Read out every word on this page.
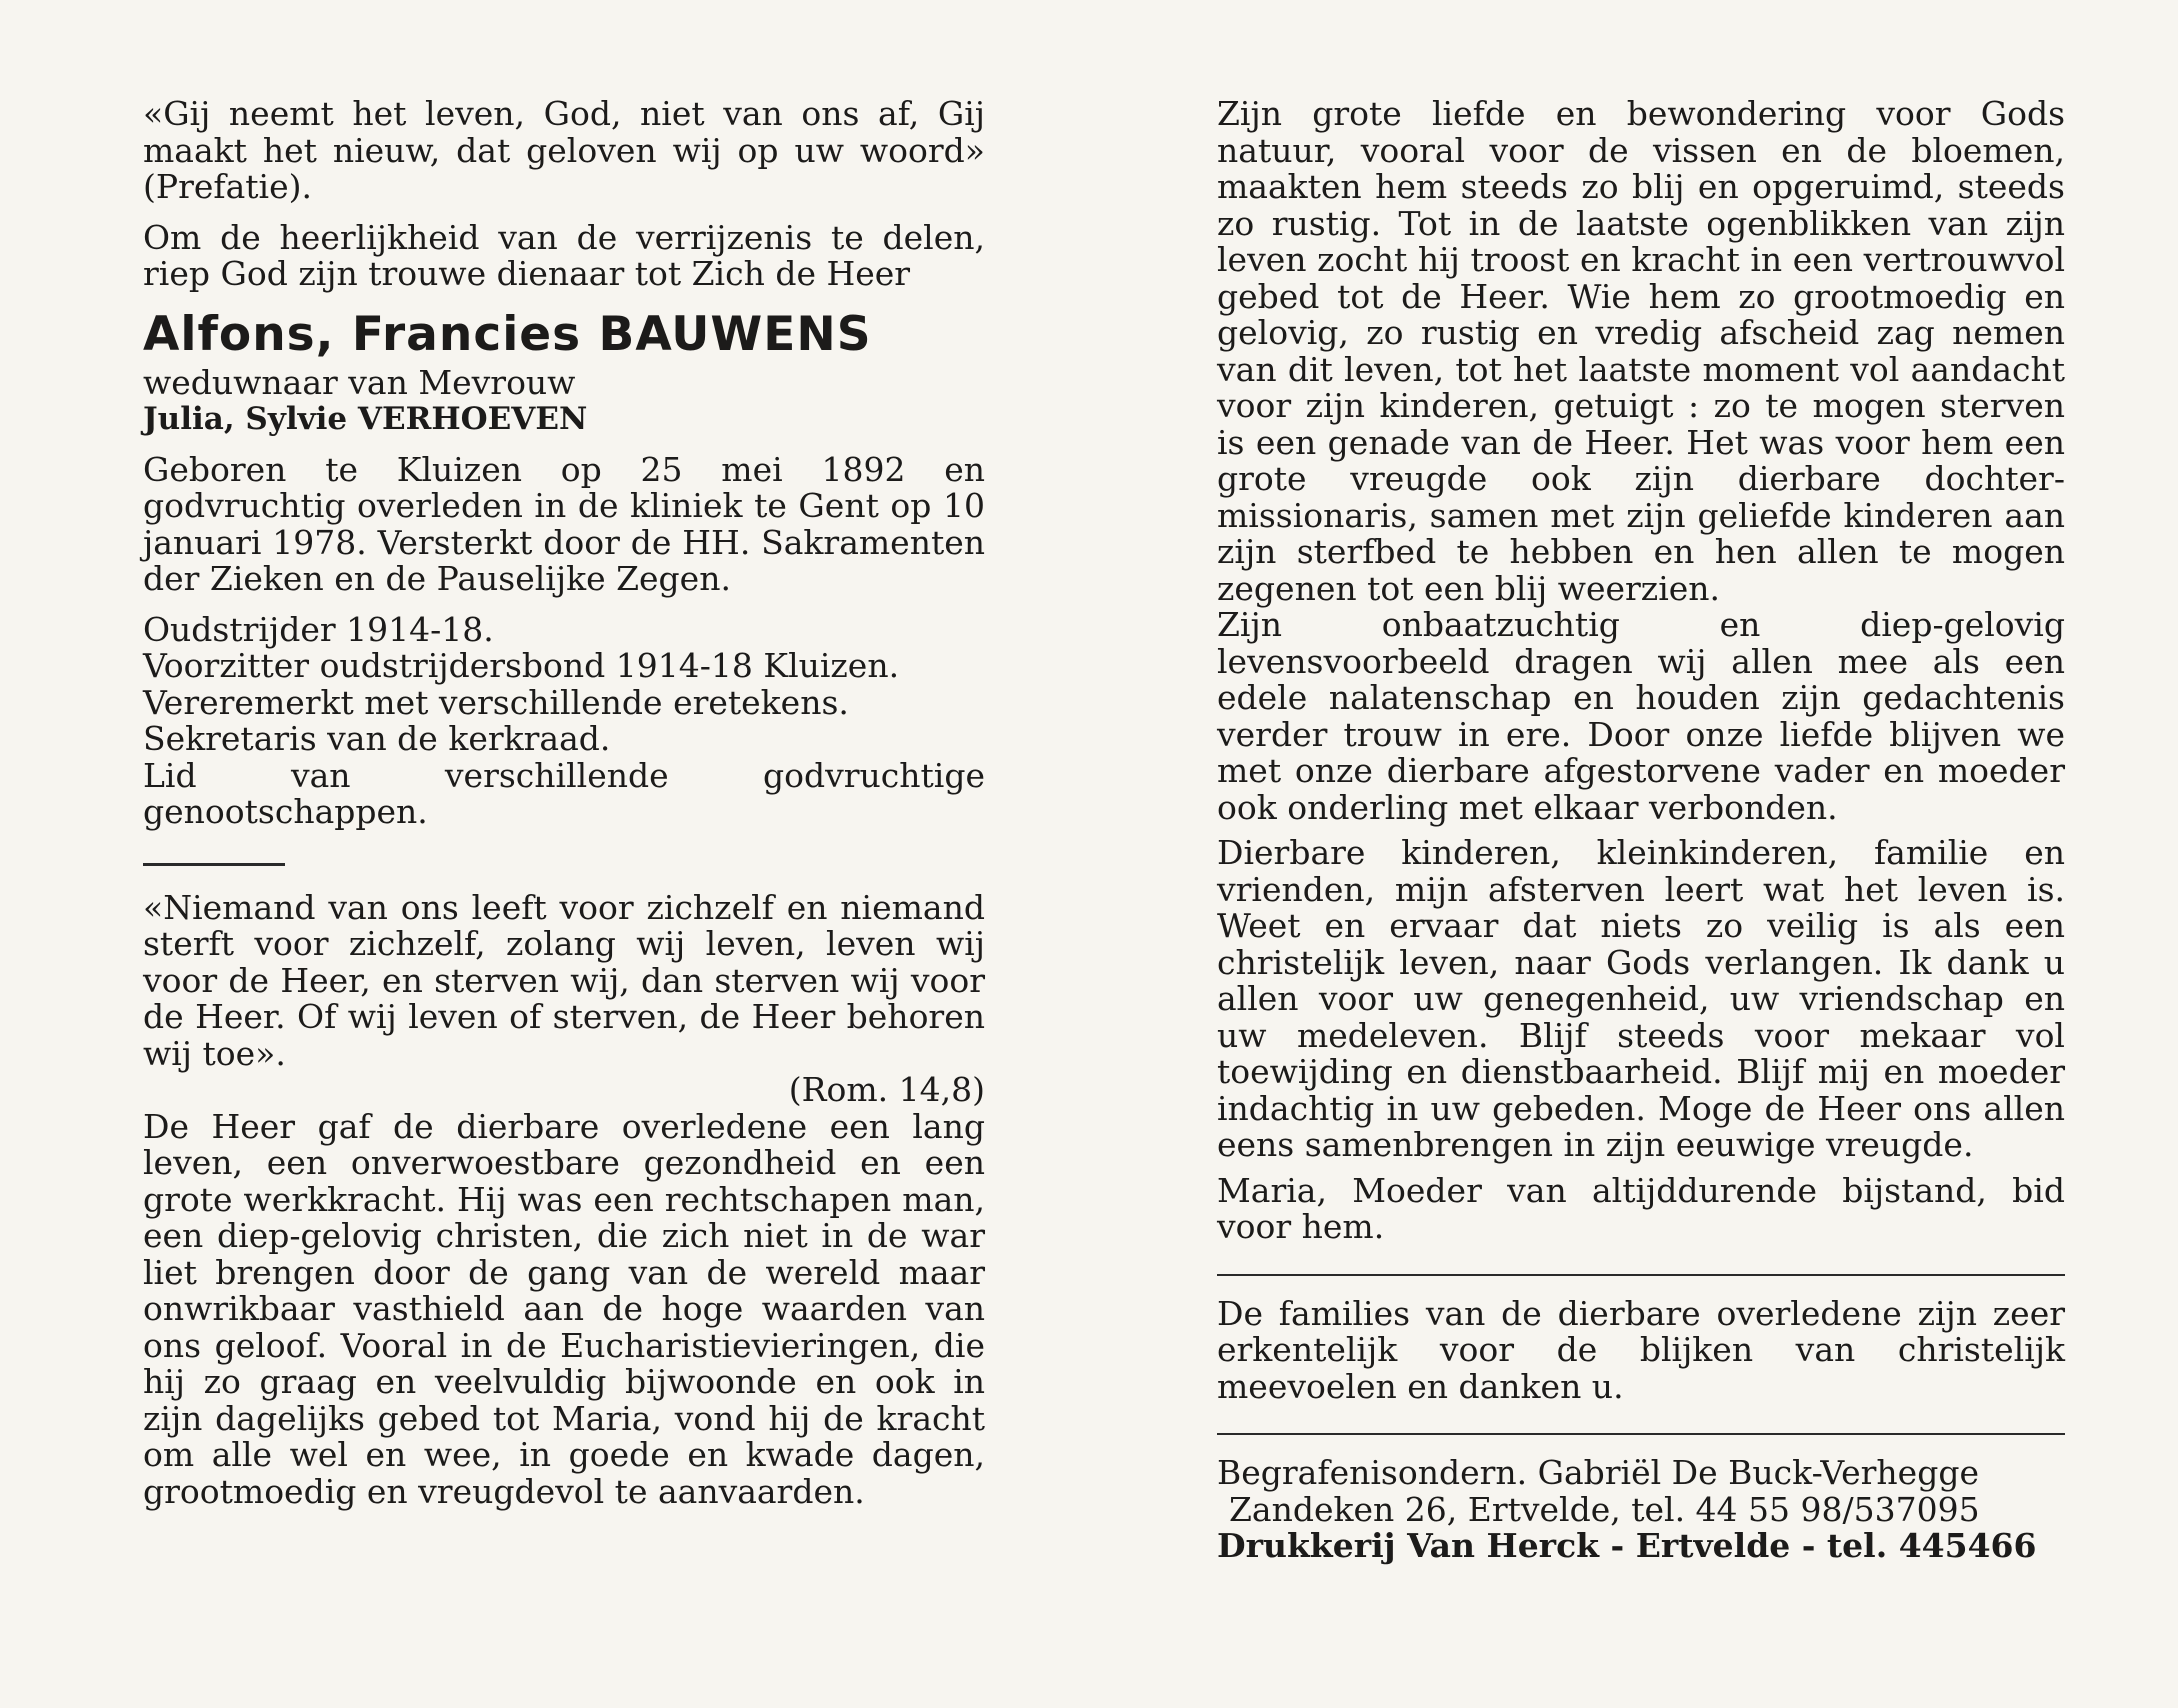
«Gij neemt het leven, God, niet van ons af, Gij maakt het nieuw, dat geloven wij op uw woord» (Prefatie).

Om de heerlijkheid van de verrijzenis te delen, riep God zijn trouwe dienaar tot Zich de Heer

Alfons, Francies BAUWENS

weduwnaar van Mevrouw

Julia, Sylvie VERHOEVEN

Geboren te Kluizen op 25 mei 1892 en godvruchtig overleden in de kliniek te Gent op 10 januari 1978. Versterkt door de HH. Sakramenten der Zieken en de Pauselijke Zegen.

Oudstrijder 1914-18.

Voorzitter oudstrijdersbond 1914-18 Kluizen.

Vereremerkt met verschillende eretekens.

Sekretaris van de kerkraad.

Lid van verschillende godvruchtige genootschappen.

«Niemand van ons leeft voor zichzelf en niemand sterft voor zichzelf, zolang wij leven, leven wij voor de Heer, en sterven wij, dan sterven wij voor de Heer. Of wij leven of sterven, de Heer behoren wij toe».

(Rom. 14,8)

De Heer gaf de dierbare overledene een lang leven, een onverwoestbare gezondheid en een grote werkkracht. Hij was een rechtschapen man, een diep-gelovig christen, die zich niet in de war liet brengen door de gang van de wereld maar onwrikbaar vasthield aan de hoge waarden van ons geloof. Vooral in de Eucharistievieringen, die hij zo graag en veelvuldig bijwoonde en ook in zijn dagelijks gebed tot Maria, vond hij de kracht om alle wel en wee, in goede en kwade dagen, grootmoedig en vreugdevol te aanvaarden.

Zijn grote liefde en bewondering voor Gods natuur, vooral voor de vissen en de bloemen, maakten hem steeds zo blij en opgeruimd, steeds zo rustig. Tot in de laatste ogenblikken van zijn leven zocht hij troost en kracht in een vertrouwvol gebed tot de Heer. Wie hem zo grootmoedig en gelovig, zo rustig en vredig afscheid zag nemen van dit leven, tot het laatste moment vol aandacht voor zijn kinderen, getuigt : zo te mogen sterven is een genade van de Heer. Het was voor hem een grote vreugde ook zijn dierbare dochter-missionaris, samen met zijn geliefde kinderen aan zijn sterfbed te hebben en hen allen te mogen zegenen tot een blij weerzien.

Zijn onbaatzuchtig en diep-gelovig levensvoorbeeld dragen wij allen mee als een edele nalatenschap en houden zijn gedachtenis verder trouw in ere. Door onze liefde blijven we met onze dierbare afgestorvene vader en moeder ook onderling met elkaar verbonden.

Dierbare kinderen, kleinkinderen, familie en vrienden, mijn afsterven leert wat het leven is. Weet en ervaar dat niets zo veilig is als een christelijk leven, naar Gods verlangen. Ik dank u allen voor uw genegenheid, uw vriendschap en uw medeleven. Blijf steeds voor mekaar vol toewijding en dienstbaarheid. Blijf mij en moeder indachtig in uw gebeden. Moge de Heer ons allen eens samenbrengen in zijn eeuwige vreugde.

Maria, Moeder van altijddurende bijstand, bid voor hem.

De families van de dierbare overledene zijn zeer erkentelijk voor de blijken van christelijk meevoelen en danken u.

Begrafenisondern. Gabriël De Buck-Verhegge

Zandeken 26, Ertvelde, tel. 44 55 98/537095

Drukkerij Van Herck - Ertvelde - tel. 445466
